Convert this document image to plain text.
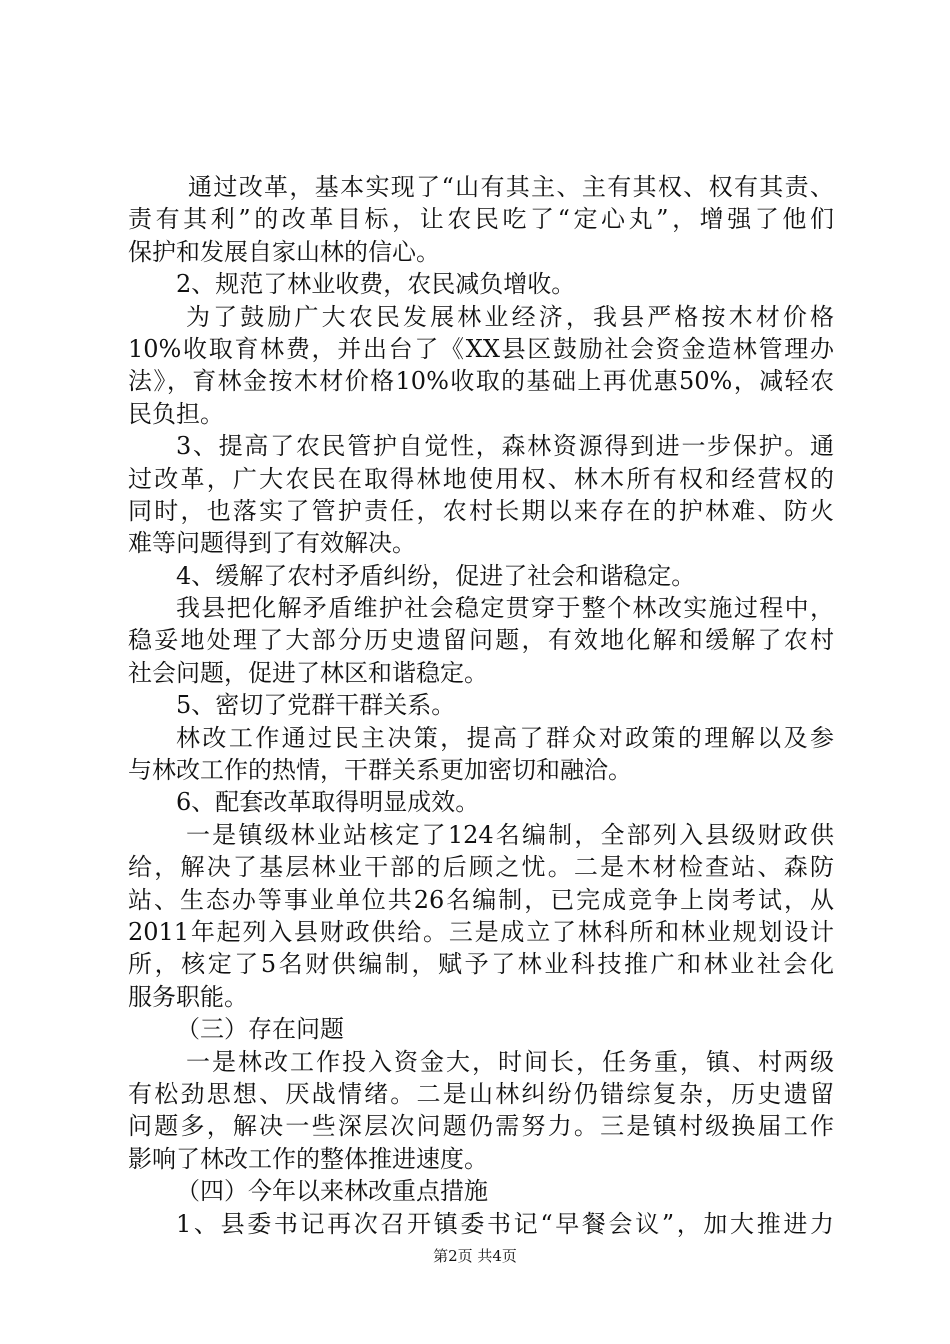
通过改革，基本实现了“山有其主、主有其权、权有其责、
责有其利”的改革目标，让农民吃了“定心丸”，增强了他们
保护和发展自家山林的信心。
2、规范了林业收费，农民减负增收。
为了鼓励广大农民发展林业经济，我县严格按木材价格
10%收取育林费，并出台了《XX县区鼓励社会资金造林管理办
法》，育林金按木材价格10%收取的基础上再优惠50%，减轻农
民负担。
3、提高了农民管护自觉性，森林资源得到进一步保护。通
过改革，广大农民在取得林地使用权、林木所有权和经营权的
同时，也落实了管护责任，农村长期以来存在的护林难、防火
难等问题得到了有效解决。
4、缓解了农村矛盾纠纷，促进了社会和谐稳定。
我县把化解矛盾维护社会稳定贯穿于整个林改实施过程中，
稳妥地处理了大部分历史遗留问题，有效地化解和缓解了农村
社会问题，促进了林区和谐稳定。
5、密切了党群干群关系。
林改工作通过民主决策，提高了群众对政策的理解以及参
与林改工作的热情，干群关系更加密切和融洽。
6、配套改革取得明显成效。
一是镇级林业站核定了124名编制，全部列入县级财政供
给，解决了基层林业干部的后顾之忧。二是木材检查站、森防
站、生态办等事业单位共26名编制，已完成竞争上岗考试，从
2011年起列入县财政供给。三是成立了林科所和林业规划设计
所，核定了5名财供编制，赋予了林业科技推广和林业社会化
服务职能。
（三）存在问题
一是林改工作投入资金大，时间长，任务重，镇、村两级
有松劲思想、厌战情绪。二是山林纠纷仍错综复杂，历史遗留
问题多，解决一些深层次问题仍需努力。三是镇村级换届工作
影响了林改工作的整体推进速度。
（四）今年以来林改重点措施
1、县委书记再次召开镇委书记“早餐会议”，加大推进力
第2页 共4页
